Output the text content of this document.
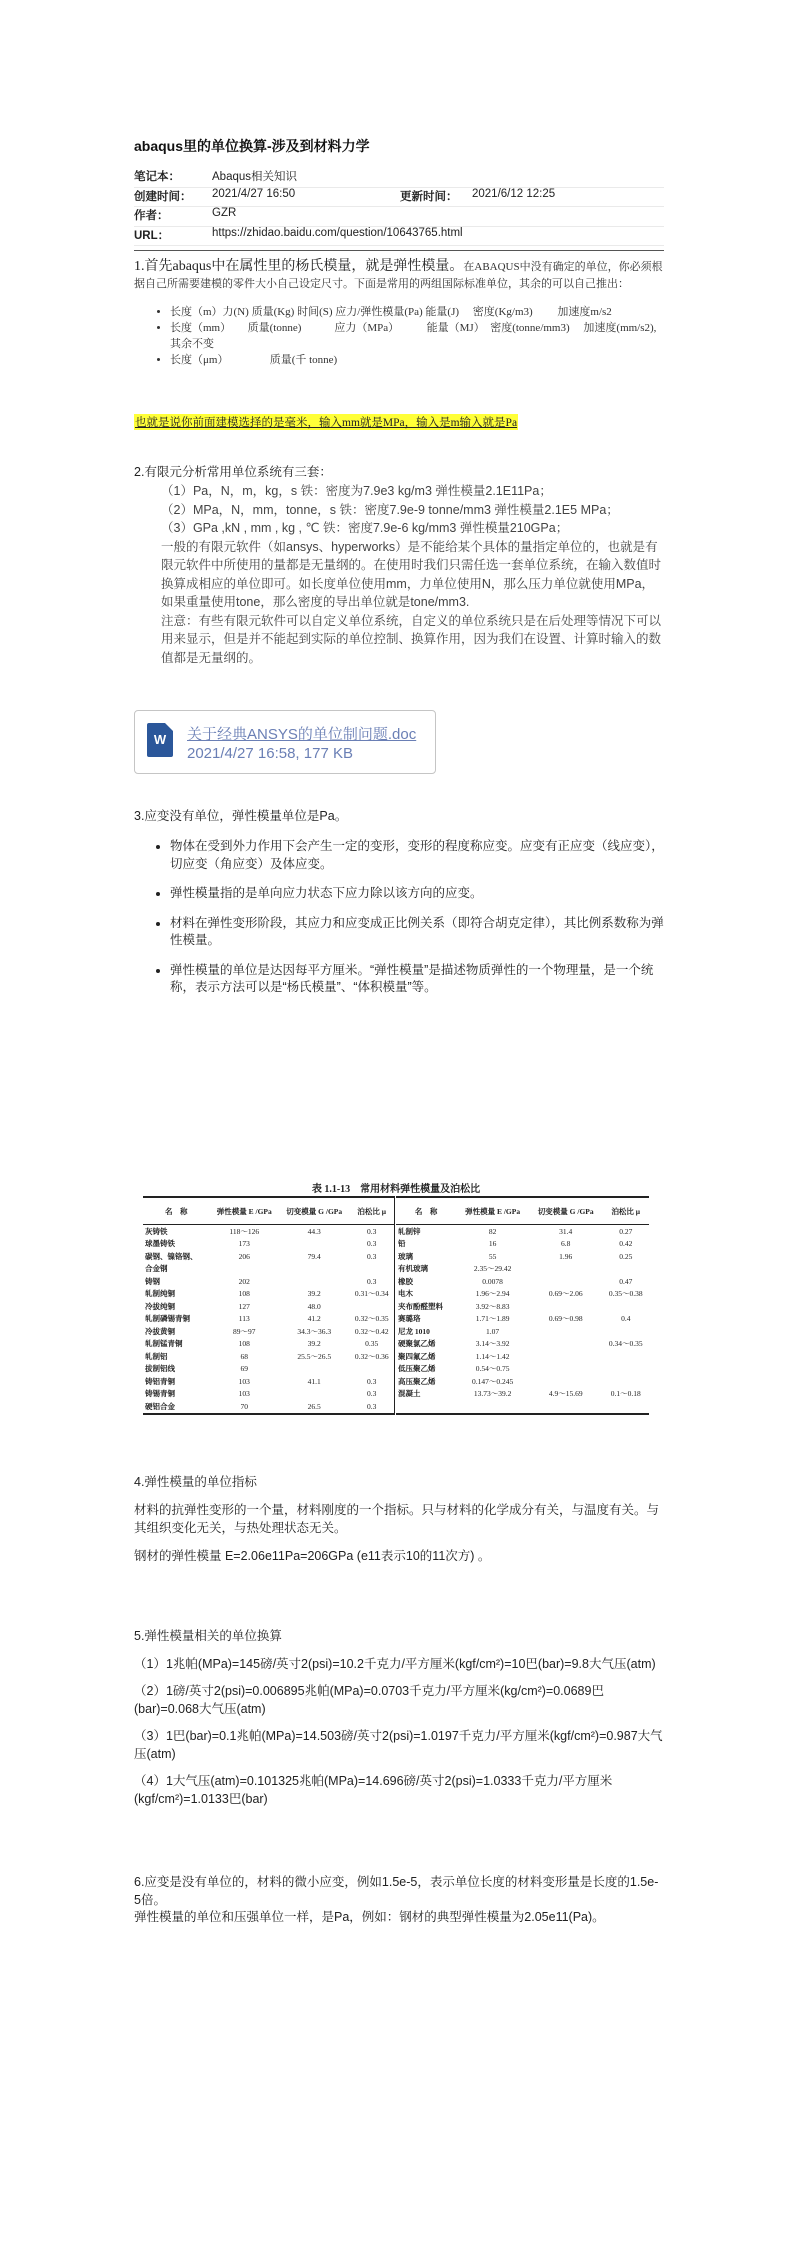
abaqus里的单位换算-涉及到材料力学
笔记本：	Abaqus相关知识
创建时间： 2021/4/27 16:50	更新时间： 2021/6/12 12:25
作者：	GZR
URL：	https://zhidao.baidu.com/question/10643765.html

1.首先abaqus中在属性里的杨氏模量，就是弹性模量。在ABAQUS中没有确定的单位，你必须根据自己所需要建模的零件大小自己设定尺寸。下面是常用的两组国际标准单位，其余的可以自己推出：

• 长度（m）力(N) 质量(Kg) 时间(S) 应力/弹性模量(Pa) 能量(J)　 密度(Kg/m3)　　 加速度m/s2
• 长度（mm）　　质量(tonne)　　　应力（MPa）　　　能量（MJ）　密度(tonne/mm3)　 加速度(mm/s2),其余不变
• 长度（μm）　　　　 质量(千 tonne)
也就是说你前面建模选择的是毫米，输入mm就是MPa，输入是m输入就是Pa
2.有限元分析常用单位系统有三套：
（1）Pa，N，m，kg，s 铁：密度为7.9e3 kg/m3 弹性模量2.1E11Pa；
（2）MPa，N，mm，tonne，s 铁：密度7.9e-9 tonne/mm3 弹性模量2.1E5 MPa；
（3）GPa ,kN , mm , kg , ℃ 铁：密度7.9e-6 kg/mm3 弹性模量210GPa；
一般的有限元软件（如ansys、hyperworks）是不能给某个具体的量指定单位的，也就是有限元软件中所使用的量都是无量纲的。在使用时我们只需任选一套单位系统，在输入数值时换算成相应的单位即可。如长度单位使用mm，力单位使用N，那么压力单位就使用MPa，如果重量使用tone，那么密度的导出单位就是tone/mm3.
注意：有些有限元软件可以自定义单位系统，自定义的单位系统只是在后处理等情况下可以用来显示，但是并不能起到实际的单位控制、换算作用，因为我们在设置、计算时输入的数值都是无量纲的。
W	关于经典ANSYS的单位制问题.doc
2021/4/27 16:58, 177 KB
3.应变没有单位，弹性模量单位是Pa。
• 物体在受到外力作用下会产生一定的变形，变形的程度称应变。应变有正应变（线应变），切应变（角应变）及体应变。
• 弹性模量指的是单向应力状态下应力除以该方向的应变。
• 材料在弹性变形阶段，其应力和应变成正比例关系（即符合胡克定律），其比例系数称为弹性模量。
• 弹性模量的单位是达因每平方厘米。“弹性模量”是描述物质弹性的一个物理量，是一个统称，表示方法可以是“杨氏模量”、“体积模量”等。
表 1.1-13　常用材料弹性模量及泊松比
名　称	弹性模量 E /GPa	切变模量 G /GPa	泊松比 μ
灰铸铁	118～126	44.3	0.3
球墨铸铁	173		0.3
碳钢、镍铬钢、	206	79.4	0.3
合金钢			
铸钢	202		0.3
轧制纯铜	108	39.2	0.31～0.34
冷拔纯铜	127	48.0	
轧制磷锡青铜	113	41.2	0.32～0.35
冷拔黄铜	89～97	34.3～36.3	0.32～0.42
轧制锰青铜	108	39.2	0.35
轧制铝	68	25.5～26.5	0.32～0.36
拔制铝线	69		
铸铝青铜	103	41.1	0.3
铸锡青铜	103		0.3
硬铝合金	70	26.5	0.3
名　称	弹性模量 E /GPa	切变模量 G /GPa	泊松比 μ
轧制锌	82	31.4	0.27
铅	16	6.8	0.42
玻璃	55	1.96	0.25
有机玻璃	2.35～29.42		
橡胶	0.0078		0.47
电木	1.96～2.94	0.69～2.06	0.35～0.38
夹布酚醛塑料	3.92～8.83		
赛璐珞	1.71～1.89	0.69～0.98	0.4
尼龙 1010	1.07		
硬聚氯乙烯	3.14～3.92		0.34～0.35
聚四氟乙烯	1.14～1.42		
低压聚乙烯	0.54～0.75		
高压聚乙烯	0.147～0.245		
混凝土	13.73～39.2	4.9～15.69	0.1～0.18

4.弹性模量的单位指标

材料的抗弹性变形的一个量，材料刚度的一个指标。只与材料的化学成分有关，与温度有关。与其组织变化无关，与热处理状态无关。

钢材的弹性模量 E=2.06e11Pa=206GPa (e11表示10的11次方) 。

5.弹性模量相关的单位换算

（1）1兆帕(MPa)=145磅/英寸2(psi)=10.2千克力/平方厘米(kgf/cm²)=10巴(bar)=9.8大气压(atm)

（2）1磅/英寸2(psi)=0.006895兆帕(MPa)=0.0703千克力/平方厘米(kg/cm²)=0.0689巴(bar)=0.068大气压(atm)

（3）1巴(bar)=0.1兆帕(MPa)=14.503磅/英寸2(psi)=1.0197千克力/平方厘米(kgf/cm²)=0.987大气压(atm)

（4）1大气压(atm)=0.101325兆帕(MPa)=14.696磅/英寸2(psi)=1.0333千克力/平方厘米(kgf/cm²)=1.0133巴(bar)

6.应变是没有单位的，材料的微小应变，例如1.5e-5，表示单位长度的材料变形量是长度的1.5e-5倍。

弹性模量的单位和压强单位一样，是Pa，例如：钢材的典型弹性模量为2.05e11(Pa)。
